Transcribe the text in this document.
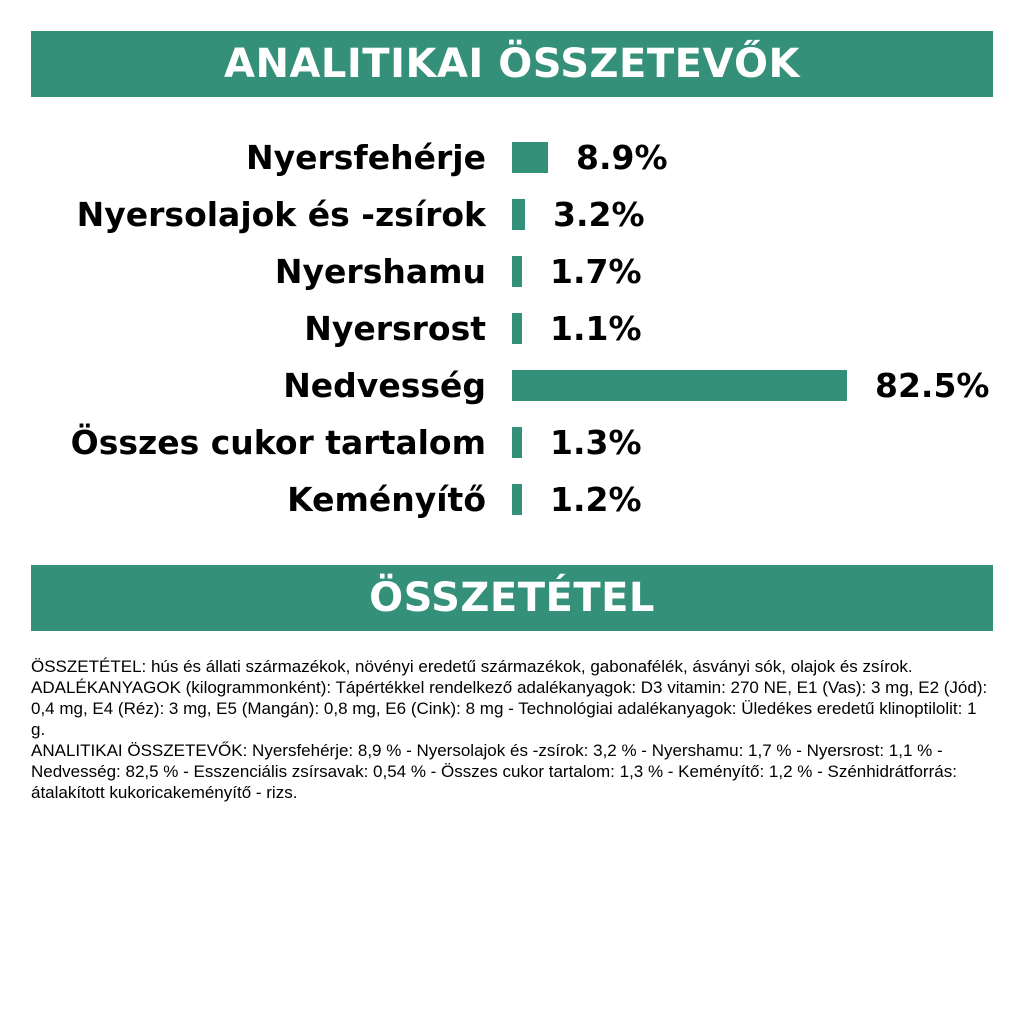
ANALITIKAI ÖSSZETEVŐK
Nyersfehérje	8.9%
Nyersolajok és -zsírok 3.2%
Nyershamu 1.7%
Nyersrost 1.1%
Nedvesség	82.5%
Összes cukor tartalom 1.3%
Keményítő 1.2%
ÖSSZETÉTEL

ÖSSZETÉTEL: hús és állati származékok, növényi eredetű származékok, gabonafélék, ásványi sók, olajok és zsírok.

ADALÉKANYAGOK (kilogrammonként): Tápértékkel rendelkező adalékanyagok: D3 vitamin: 270 NE, E1 (Vas): 3 mg, E2 (Jód): 0,4 mg, E4 (Réz): 3 mg, E5 (Mangán): 0,8 mg, E6 (Cink): 8 mg - Technológiai adalékanyagok: Üledékes eredetű klinoptilolit: 1 g.

ANALITIKAI ÖSSZETEVŐK: Nyersfehérje: 8,9 % - Nyersolajok és -zsírok: 3,2 % - Nyershamu: 1,7 % - Nyersrost: 1,1 % - Nedvesség: 82,5 % - Esszenciális zsírsavak: 0,54 % - Összes cukor tartalom: 1,3 % - Keményítő: 1,2 % - Szénhidrátforrás: átalakított kukoricakeményítő - rizs.
